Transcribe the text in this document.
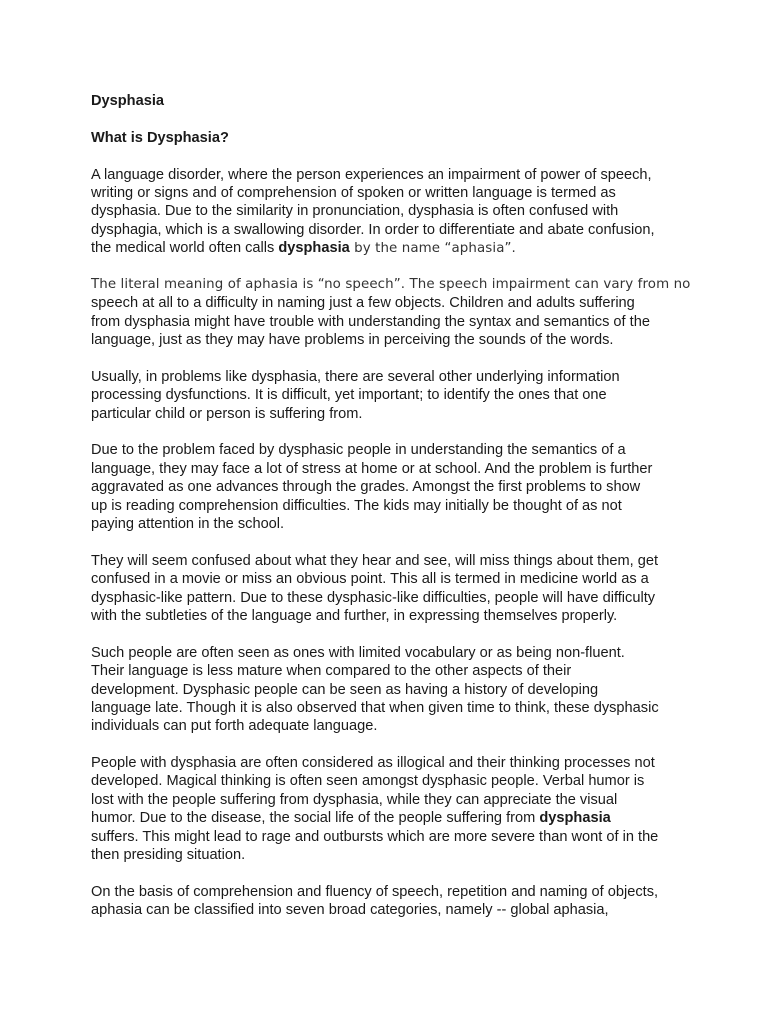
Dysphasia
What is Dysphasia?
A language disorder, where the person experiences an impairment of power of speech,
writing or signs and of comprehension of spoken or written language is termed as
dysphasia. Due to the similarity in pronunciation, dysphasia is often confused with
dysphagia, which is a swallowing disorder. In order to differentiate and abate confusion,
the medical world often calls dysphasia by the name “aphasia”.
The literal meaning of aphasia is “no speech”. The speech impairment can vary from no
speech at all to a difficulty in naming just a few objects. Children and adults suffering
from dysphasia might have trouble with understanding the syntax and semantics of the
language, just as they may have problems in perceiving the sounds of the words.
Usually, in problems like dysphasia, there are several other underlying information
processing dysfunctions. It is difficult, yet important; to identify the ones that one
particular child or person is suffering from.
Due to the problem faced by dysphasic people in understanding the semantics of a
language, they may face a lot of stress at home or at school. And the problem is further
aggravated as one advances through the grades. Amongst the first problems to show
up is reading comprehension difficulties. The kids may initially be thought of as not
paying attention in the school.
They will seem confused about what they hear and see, will miss things about them, get
confused in a movie or miss an obvious point. This all is termed in medicine world as a
dysphasic-like pattern. Due to these dysphasic-like difficulties, people will have difficulty
with the subtleties of the language and further, in expressing themselves properly.
Such people are often seen as ones with limited vocabulary or as being non-fluent.
Their language is less mature when compared to the other aspects of their
development. Dysphasic people can be seen as having a history of developing
language late. Though it is also observed that when given time to think, these dysphasic
individuals can put forth adequate language.
People with dysphasia are often considered as illogical and their thinking processes not
developed. Magical thinking is often seen amongst dysphasic people. Verbal humor is
lost with the people suffering from dysphasia, while they can appreciate the visual
humor. Due to the disease, the social life of the people suffering from dysphasia
suffers. This might lead to rage and outbursts which are more severe than wont of in the
then presiding situation.
On the basis of comprehension and fluency of speech, repetition and naming of objects,
aphasia can be classified into seven broad categories, namely -- global aphasia,
